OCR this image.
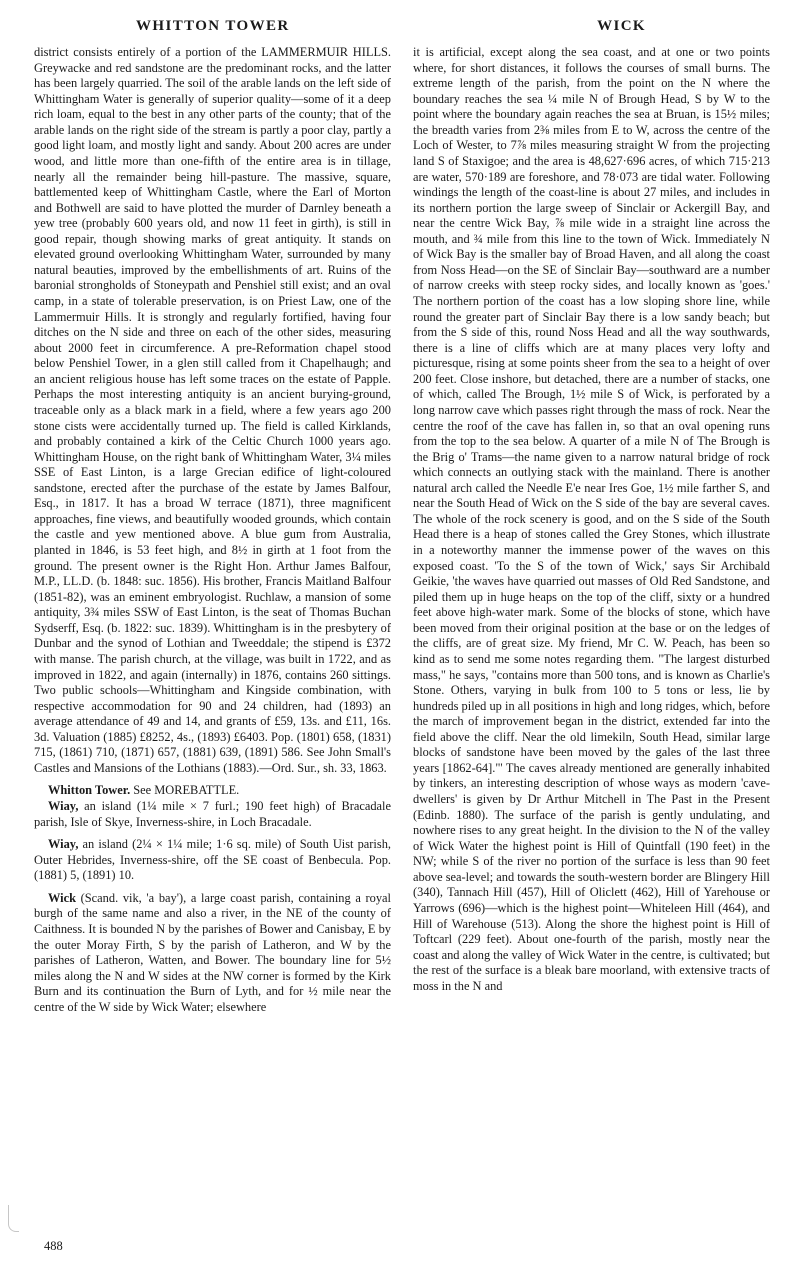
WHITTON TOWER	WICK

district consists entirely of a portion of the LAMMERMUIR HILLS. Greywacke and red sandstone are the predominant rocks, and the latter has been largely quarried. The soil of the arable lands on the left side of Whittingham Water is generally of superior quality—some of it a deep rich loam, equal to the best in any other parts of the county; that of the arable lands on the right side of the stream is partly a poor clay, partly a good light loam, and mostly light and sandy. About 200 acres are under wood, and little more than one-fifth of the entire area is in tillage, nearly all the remainder being hill-pasture. The massive, square, battlemented keep of Whittingham Castle, where the Earl of Morton and Bothwell are said to have plotted the murder of Darnley beneath a yew tree (probably 600 years old, and now 11 feet in girth), is still in good repair, though showing marks of great antiquity. It stands on elevated ground overlooking Whittingham Water, surrounded by many natural beauties, improved by the embellishments of art. Ruins of the baronial strongholds of Stoneypath and Penshiel still exist; and an oval camp, in a state of tolerable preservation, is on Priest Law, one of the Lammermuir Hills. It is strongly and regularly fortified, having four ditches on the N side and three on each of the other sides, measuring about 2000 feet in circumference. A pre-Reformation chapel stood below Penshiel Tower, in a glen still called from it Chapelhaugh; and an ancient religious house has left some traces on the estate of Papple. Perhaps the most interesting antiquity is an ancient burying-ground, traceable only as a black mark in a field, where a few years ago 200 stone cists were accidentally turned up. The field is called Kirklands, and probably contained a kirk of the Celtic Church 1000 years ago. Whittingham House, on the right bank of Whittingham Water, 3¼ miles SSE of East Linton, is a large Grecian edifice of light-coloured sandstone, erected after the purchase of the estate by James Balfour, Esq., in 1817. It has a broad W terrace (1871), three magnificent approaches, fine views, and beautifully wooded grounds, which contain the castle and yew mentioned above. A blue gum from Australia, planted in 1846, is 53 feet high, and 8½ in girth at 1 foot from the ground. The present owner is the Right Hon. Arthur James Balfour, M.P., LL.D. (b. 1848: suc. 1856). His brother, Francis Maitland Balfour (1851-82), was an eminent embryologist. Ruchlaw, a mansion of some antiquity, 3¾ miles SSW of East Linton, is the seat of Thomas Buchan Sydserff, Esq. (b. 1822: suc. 1839). Whittingham is in the presbytery of Dunbar and the synod of Lothian and Tweeddale; the stipend is £372 with manse. The parish church, at the village, was built in 1722, and as improved in 1822, and again (internally) in 1876, contains 260 sittings. Two public schools—Whittingham and Kingside combination, with respective accommodation for 90 and 24 children, had (1893) an average attendance of 49 and 14, and grants of £59, 13s. and £11, 16s. 3d. Valuation (1885) £8252, 4s., (1893) £6403. Pop. (1801) 658, (1831) 715, (1861) 710, (1871) 657, (1881) 639, (1891) 586. See John Small's Castles and Mansions of the Lothians (1883).—Ord. Sur., sh. 33, 1863.

Whitton Tower. See MOREBATTLE.

Wiay, an island (1¼ mile × 7 furl.; 190 feet high) of Bracadale parish, Isle of Skye, Inverness-shire, in Loch Bracadale.

Wiay, an island (2¼ × 1¼ mile; 1·6 sq. mile) of South Uist parish, Outer Hebrides, Inverness-shire, off the SE coast of Benbecula. Pop. (1881) 5, (1891) 10.

Wick (Scand. vik, 'a bay'), a large coast parish, containing a royal burgh of the same name and also a river, in the NE of the county of Caithness. It is bounded N by the parishes of Bower and Canisbay, E by the outer Moray Firth, S by the parish of Latheron, and W by the parishes of Latheron, Watten, and Bower. The boundary line for 5½ miles along the N and W sides at the NW corner is formed by the Kirk Burn and its continuation the Burn of Lyth, and for ½ mile near the centre of the W side by Wick Water; elsewhere

it is artificial, except along the sea coast, and at one or two points where, for short distances, it follows the courses of small burns. The extreme length of the parish, from the point on the N where the boundary reaches the sea ¼ mile N of Brough Head, S by W to the point where the boundary again reaches the sea at Bruan, is 15½ miles; the breadth varies from 2⅜ miles from E to W, across the centre of the Loch of Wester, to 7⅞ miles measuring straight W from the projecting land S of Staxigoe; and the area is 48,627·696 acres, of which 715·213 are water, 570·189 are foreshore, and 78·073 are tidal water. Following windings the length of the coast-line is about 27 miles, and includes in its northern portion the large sweep of Sinclair or Ackergill Bay, and near the centre Wick Bay, ⅞ mile wide in a straight line across the mouth, and ¾ mile from this line to the town of Wick. Immediately N of Wick Bay is the smaller bay of Broad Haven, and all along the coast from Noss Head—on the SE of Sinclair Bay—southward are a number of narrow creeks with steep rocky sides, and locally known as 'goes.' The northern portion of the coast has a low sloping shore line, while round the greater part of Sinclair Bay there is a low sandy beach; but from the S side of this, round Noss Head and all the way southwards, there is a line of cliffs which are at many places very lofty and picturesque, rising at some points sheer from the sea to a height of over 200 feet. Close inshore, but detached, there are a number of stacks, one of which, called The Brough, 1½ mile S of Wick, is perforated by a long narrow cave which passes right through the mass of rock. Near the centre the roof of the cave has fallen in, so that an oval opening runs from the top to the sea below. A quarter of a mile N of The Brough is the Brig o' Trams—the name given to a narrow natural bridge of rock which connects an outlying stack with the mainland. There is another natural arch called the Needle E'e near Ires Goe, 1½ mile farther S, and near the South Head of Wick on the S side of the bay are several caves. The whole of the rock scenery is good, and on the S side of the South Head there is a heap of stones called the Grey Stones, which illustrate in a noteworthy manner the immense power of the waves on this exposed coast. 'To the S of the town of Wick,' says Sir Archibald Geikie, 'the waves have quarried out masses of Old Red Sandstone, and piled them up in huge heaps on the top of the cliff, sixty or a hundred feet above high-water mark. Some of the blocks of stone, which have been moved from their original position at the base or on the ledges of the cliffs, are of great size. My friend, Mr C. W. Peach, has been so kind as to send me some notes regarding them. "The largest disturbed mass," he says, "contains more than 500 tons, and is known as Charlie's Stone. Others, varying in bulk from 100 to 5 tons or less, lie by hundreds piled up in all positions in high and long ridges, which, before the march of improvement began in the district, extended far into the field above the cliff. Near the old limekiln, South Head, similar large blocks of sandstone have been moved by the gales of the last three years [1862-64]."' The caves already mentioned are generally inhabited by tinkers, an interesting description of whose ways as modern 'cave-dwellers' is given by Dr Arthur Mitchell in The Past in the Present (Edinb. 1880). The surface of the parish is gently undulating, and nowhere rises to any great height. In the division to the N of the valley of Wick Water the highest point is Hill of Quintfall (190 feet) in the NW; while S of the river no portion of the surface is less than 90 feet above sea-level; and towards the south-western border are Blingery Hill (340), Tannach Hill (457), Hill of Oliclett (462), Hill of Yarehouse or Yarrows (696)—which is the highest point—Whiteleen Hill (464), and Hill of Warehouse (513). Along the shore the highest point is Hill of Toftcarl (229 feet). About one-fourth of the parish, mostly near the coast and along the valley of Wick Water in the centre, is cultivated; but the rest of the surface is a bleak bare moorland, with extensive tracts of moss in the N and

488
